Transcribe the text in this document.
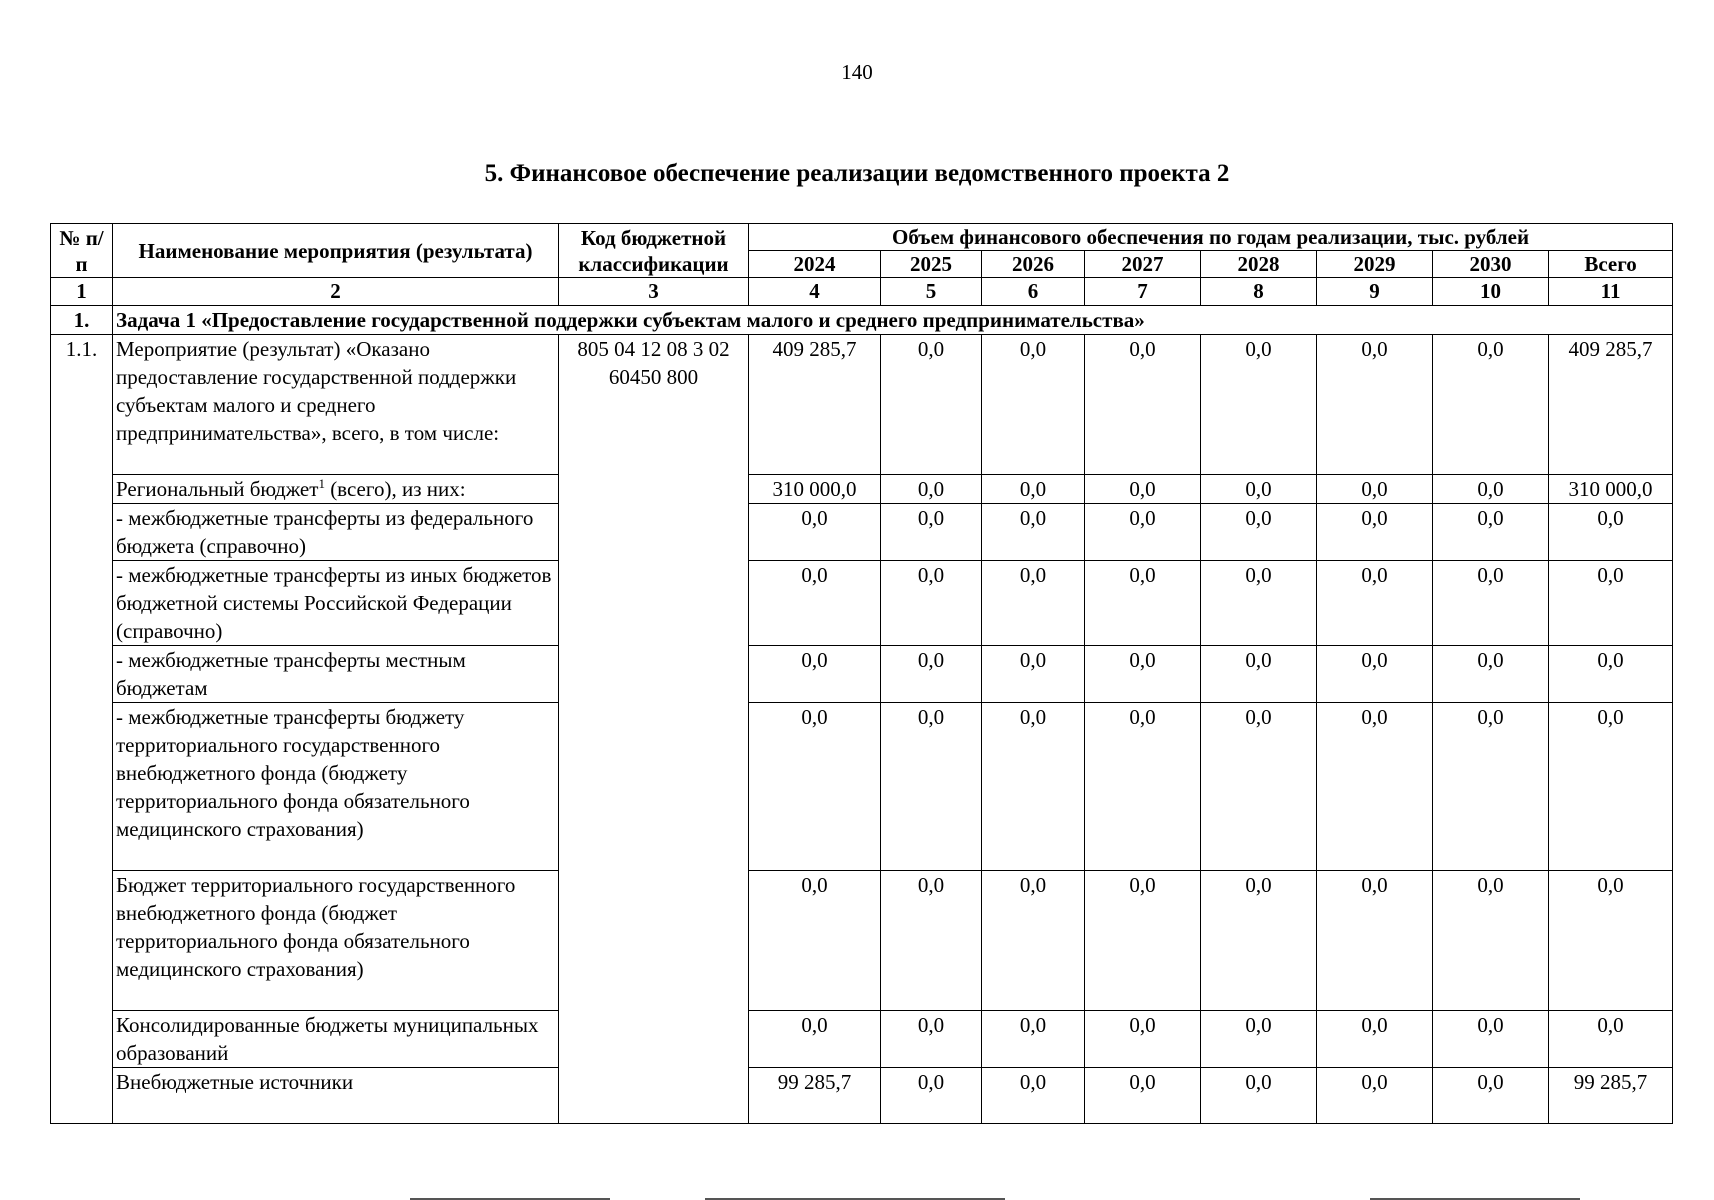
140
5. Финансовое обеспечение реализации ведомственного проекта 2
№ п/п	Наименование мероприятия (результата)	Код бюджетной классификации	Объем финансового обеспечения по годам реализации, тыс. рублей							
			2024	2025	2026	2027	2028	2029	2030	Всего
1	2	3	4	5	6	7	8	9	10	11
1.	Задача 1 «Предоставление государственной поддержки субъектам малого и среднего предпринимательства»									
1.1.	Мероприятие (результат) «Оказано предоставление государственной поддержки субъектам малого и среднего предпринимательства», всего, в том числе:	805 04 12 08 3 02 60450 800	409 285,7	0,0	0,0	0,0	0,0	0,0	0,0	409 285,7
	Региональный бюджет$^1$ (всего), из них:		310 000,0	0,0	0,0	0,0	0,0	0,0	0,0	310 000,0
	- межбюджетные трансферты из федерального бюджета (справочно)		0,0	0,0	0,0	0,0	0,0	0,0	0,0	0,0
	- межбюджетные трансферты из иных бюджетов бюджетной системы Российской Федерации (справочно)		0,0	0,0	0,0	0,0	0,0	0,0	0,0	0,0
	- межбюджетные трансферты местным бюджетам		0,0	0,0	0,0	0,0	0,0	0,0	0,0	0,0
	- межбюджетные трансферты бюджету территориального государственного внебюджетного фонда (бюджету территориального фонда обязательного медицинского страхования)		0,0	0,0	0,0	0,0	0,0	0,0	0,0	0,0
	Бюджет территориального государственного внебюджетного фонда (бюджет территориального фонда обязательного медицинского страхования)		0,0	0,0	0,0	0,0	0,0	0,0	0,0	0,0
	Консолидированные бюджеты муниципальных образований		0,0	0,0	0,0	0,0	0,0	0,0	0,0	0,0
	Внебюджетные источники		99 285,7	0,0	0,0	0,0	0,0	0,0	0,0	99 285,7
